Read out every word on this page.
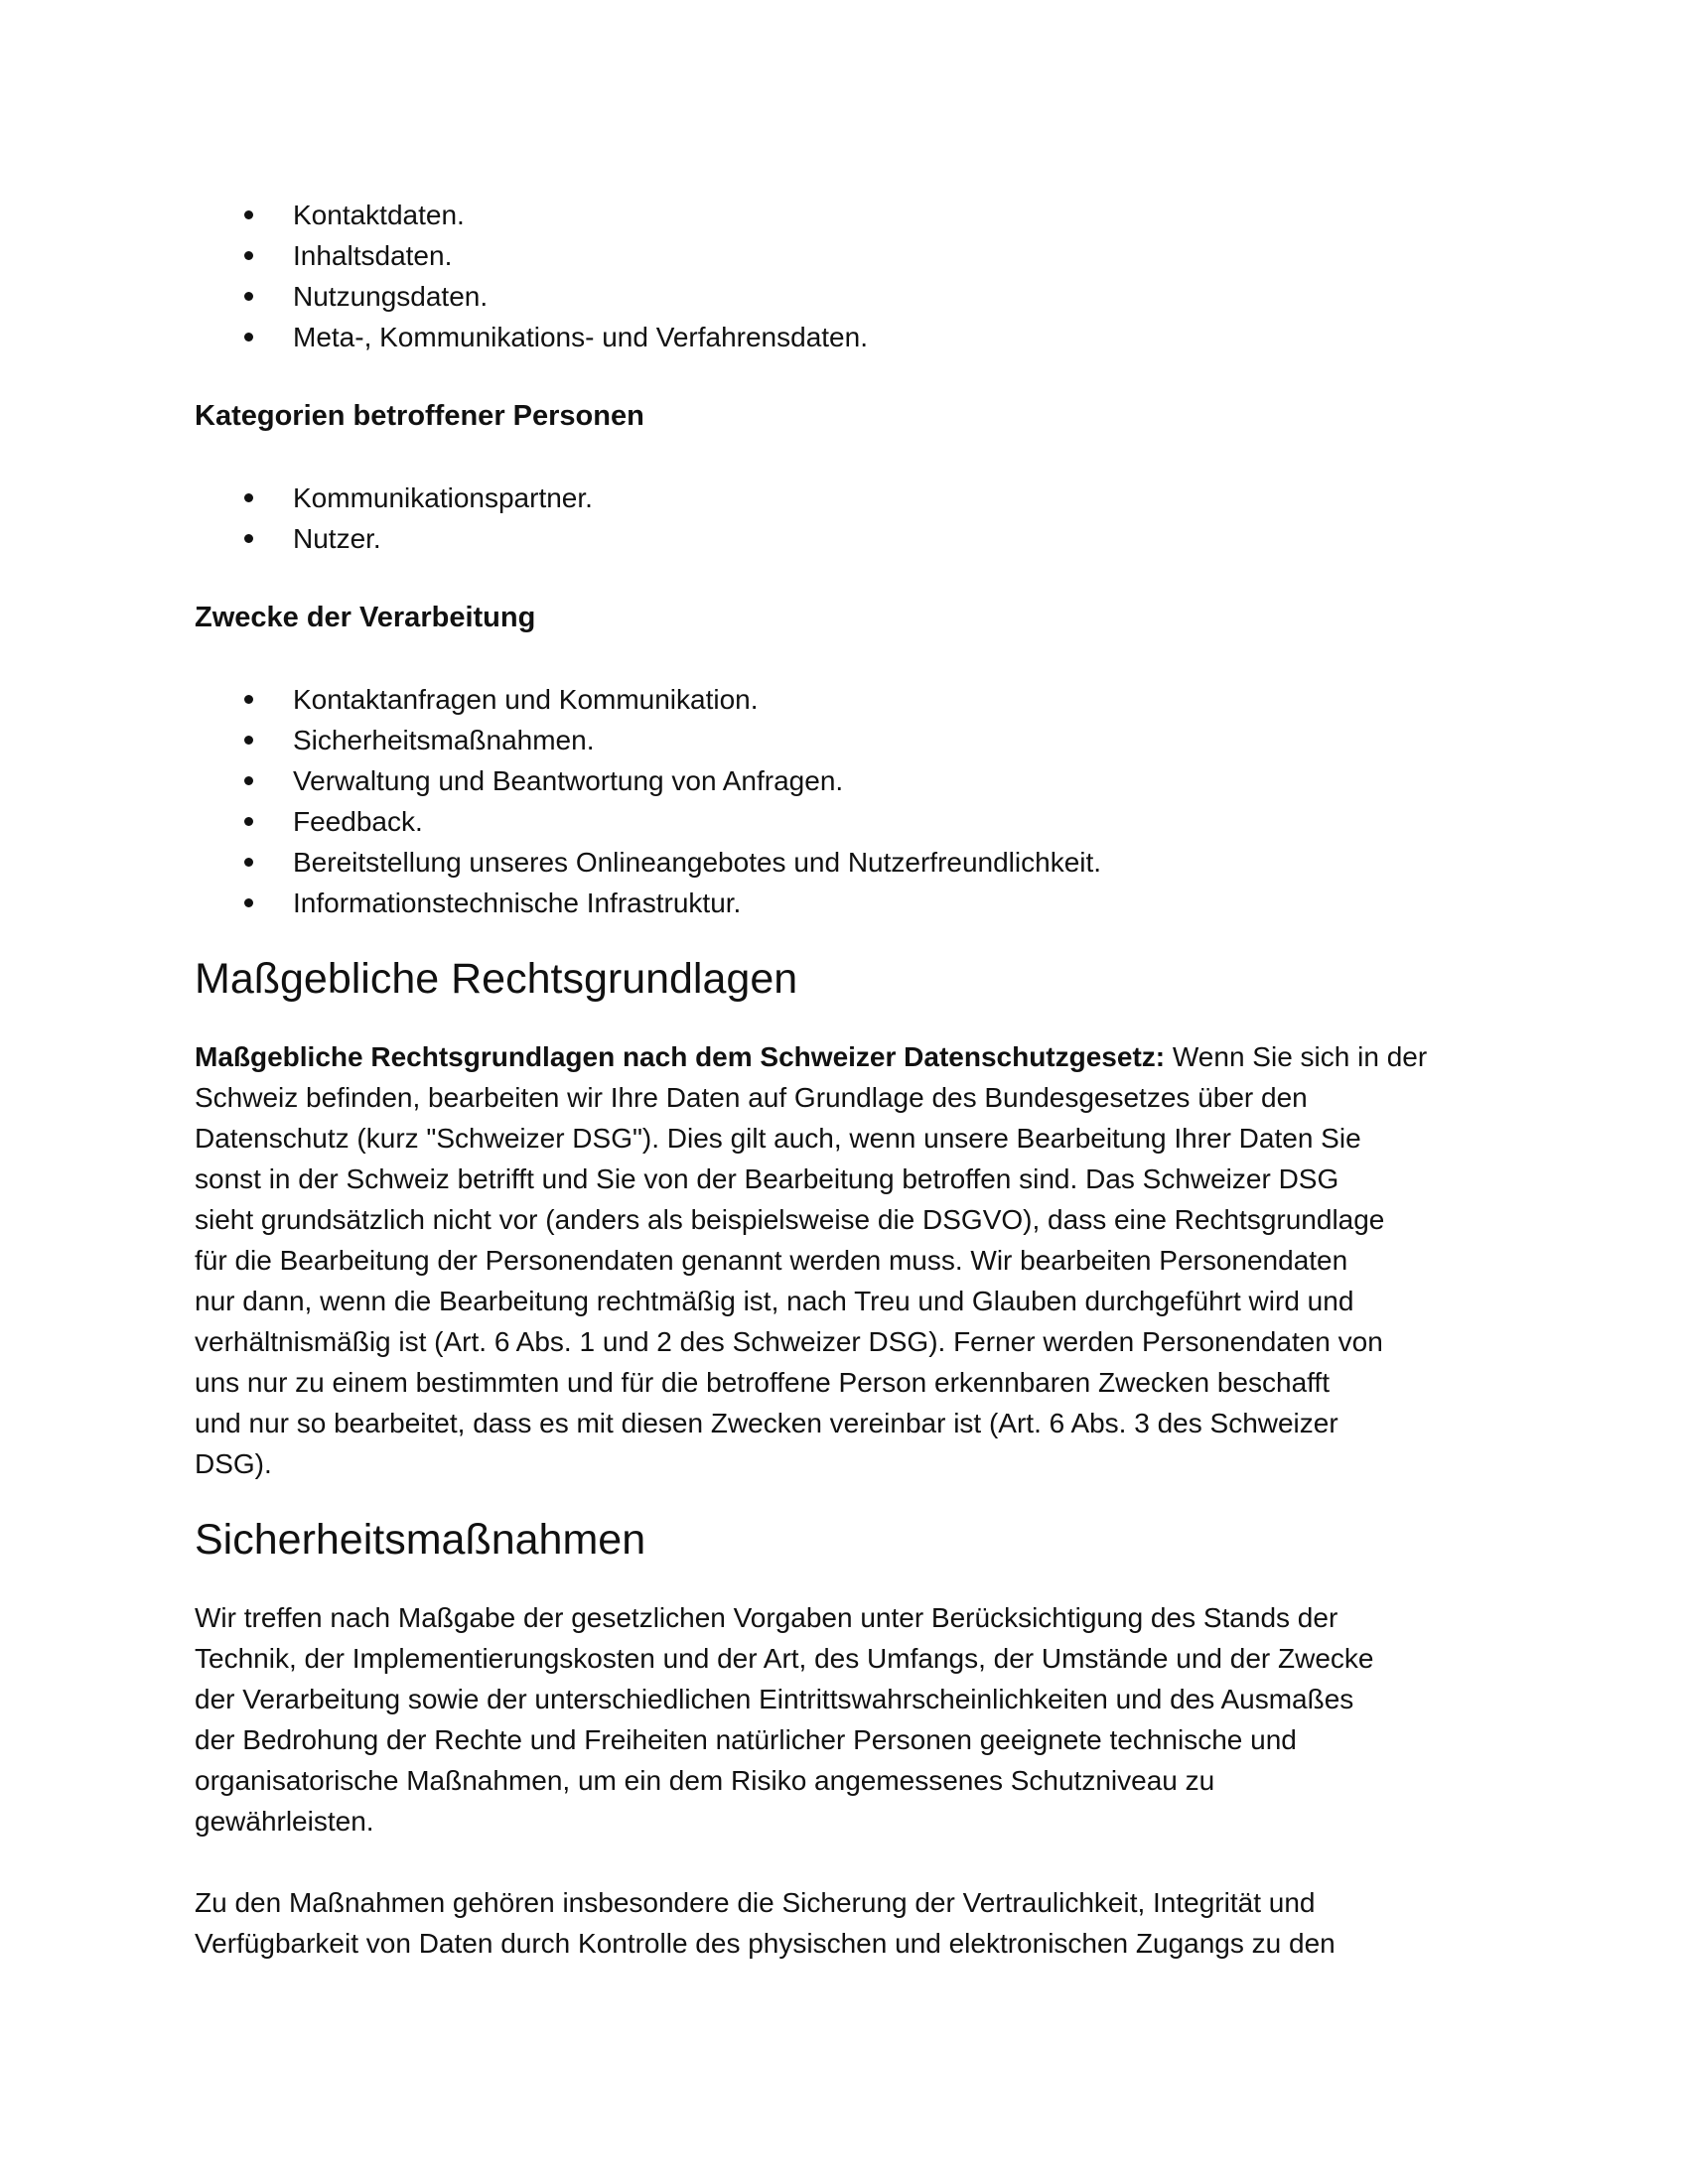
Kontaktdaten.
Inhaltsdaten.
Nutzungsdaten.
Meta-, Kommunikations- und Verfahrensdaten.
Kategorien betroffener Personen
Kommunikationspartner.
Nutzer.
Zwecke der Verarbeitung
Kontaktanfragen und Kommunikation.
Sicherheitsmaßnahmen.
Verwaltung und Beantwortung von Anfragen.
Feedback.
Bereitstellung unseres Onlineangebotes und Nutzerfreundlichkeit.
Informationstechnische Infrastruktur.
Maßgebliche Rechtsgrundlagen

Maßgebliche Rechtsgrundlagen nach dem Schweizer Datenschutzgesetz: Wenn Sie sich in der
Schweiz befinden, bearbeiten wir Ihre Daten auf Grundlage des Bundesgesetzes über den
Datenschutz (kurz "Schweizer DSG"). Dies gilt auch, wenn unsere Bearbeitung Ihrer Daten Sie
sonst in der Schweiz betrifft und Sie von der Bearbeitung betroffen sind. Das Schweizer DSG
sieht grundsätzlich nicht vor (anders als beispielsweise die DSGVO), dass eine Rechtsgrundlage
für die Bearbeitung der Personendaten genannt werden muss. Wir bearbeiten Personendaten
nur dann, wenn die Bearbeitung rechtmäßig ist, nach Treu und Glauben durchgeführt wird und
verhältnismäßig ist (Art. 6 Abs. 1 und 2 des Schweizer DSG). Ferner werden Personendaten von
uns nur zu einem bestimmten und für die betroffene Person erkennbaren Zwecken beschafft
und nur so bearbeitet, dass es mit diesen Zwecken vereinbar ist (Art. 6 Abs. 3 des Schweizer
DSG).

Sicherheitsmaßnahmen

Wir treffen nach Maßgabe der gesetzlichen Vorgaben unter Berücksichtigung des Stands der
Technik, der Implementierungskosten und der Art, des Umfangs, der Umstände und der Zwecke
der Verarbeitung sowie der unterschiedlichen Eintrittswahrscheinlichkeiten und des Ausmaßes
der Bedrohung der Rechte und Freiheiten natürlicher Personen geeignete technische und
organisatorische Maßnahmen, um ein dem Risiko angemessenes Schutzniveau zu
gewährleisten.

Zu den Maßnahmen gehören insbesondere die Sicherung der Vertraulichkeit, Integrität und
Verfügbarkeit von Daten durch Kontrolle des physischen und elektronischen Zugangs zu den
